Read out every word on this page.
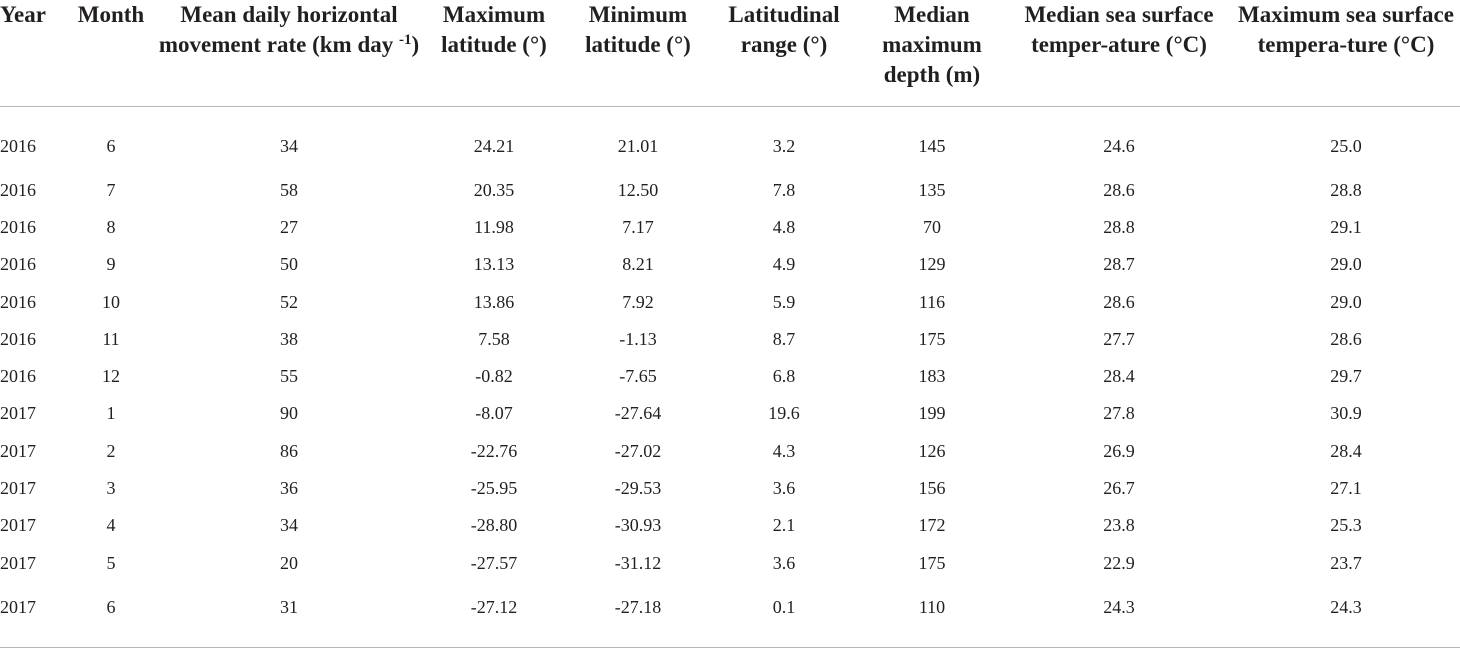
Year	Month	Mean daily horizontal movement rate (km day $^{-1}$)	Maximum latitude (°)	Minimum latitude (°)	Latitudinal range (°)	Median maximum depth (m)	Median sea surface temper-ature (°C)	Maximum sea surface tempera-ture (°C)

2016	6	34	24.21	21.01	3.2	145	24.6	25.0
2016	7	58	20.35	12.50	7.8	135	28.6	28.8
2016	8	27	11.98	7.17	4.8	70	28.8	29.1
2016	9	50	13.13	8.21	4.9	129	28.7	29.0
2016	10	52	13.86	7.92	5.9	116	28.6	29.0
2016	11	38	7.58	-1.13	8.7	175	27.7	28.6
2016	12	55	-0.82	-7.65	6.8	183	28.4	29.7
2017	1	90	-8.07	-27.64	19.6	199	27.8	30.9
2017	2	86	-22.76	-27.02	4.3	126	26.9	28.4
2017	3	36	-25.95	-29.53	3.6	156	26.7	27.1
2017	4	34	-28.80	-30.93	2.1	172	23.8	25.3
2017	5	20	-27.57	-31.12	3.6	175	22.9	23.7
2017	6	31	-27.12	-27.18	0.1	110	24.3	24.3
